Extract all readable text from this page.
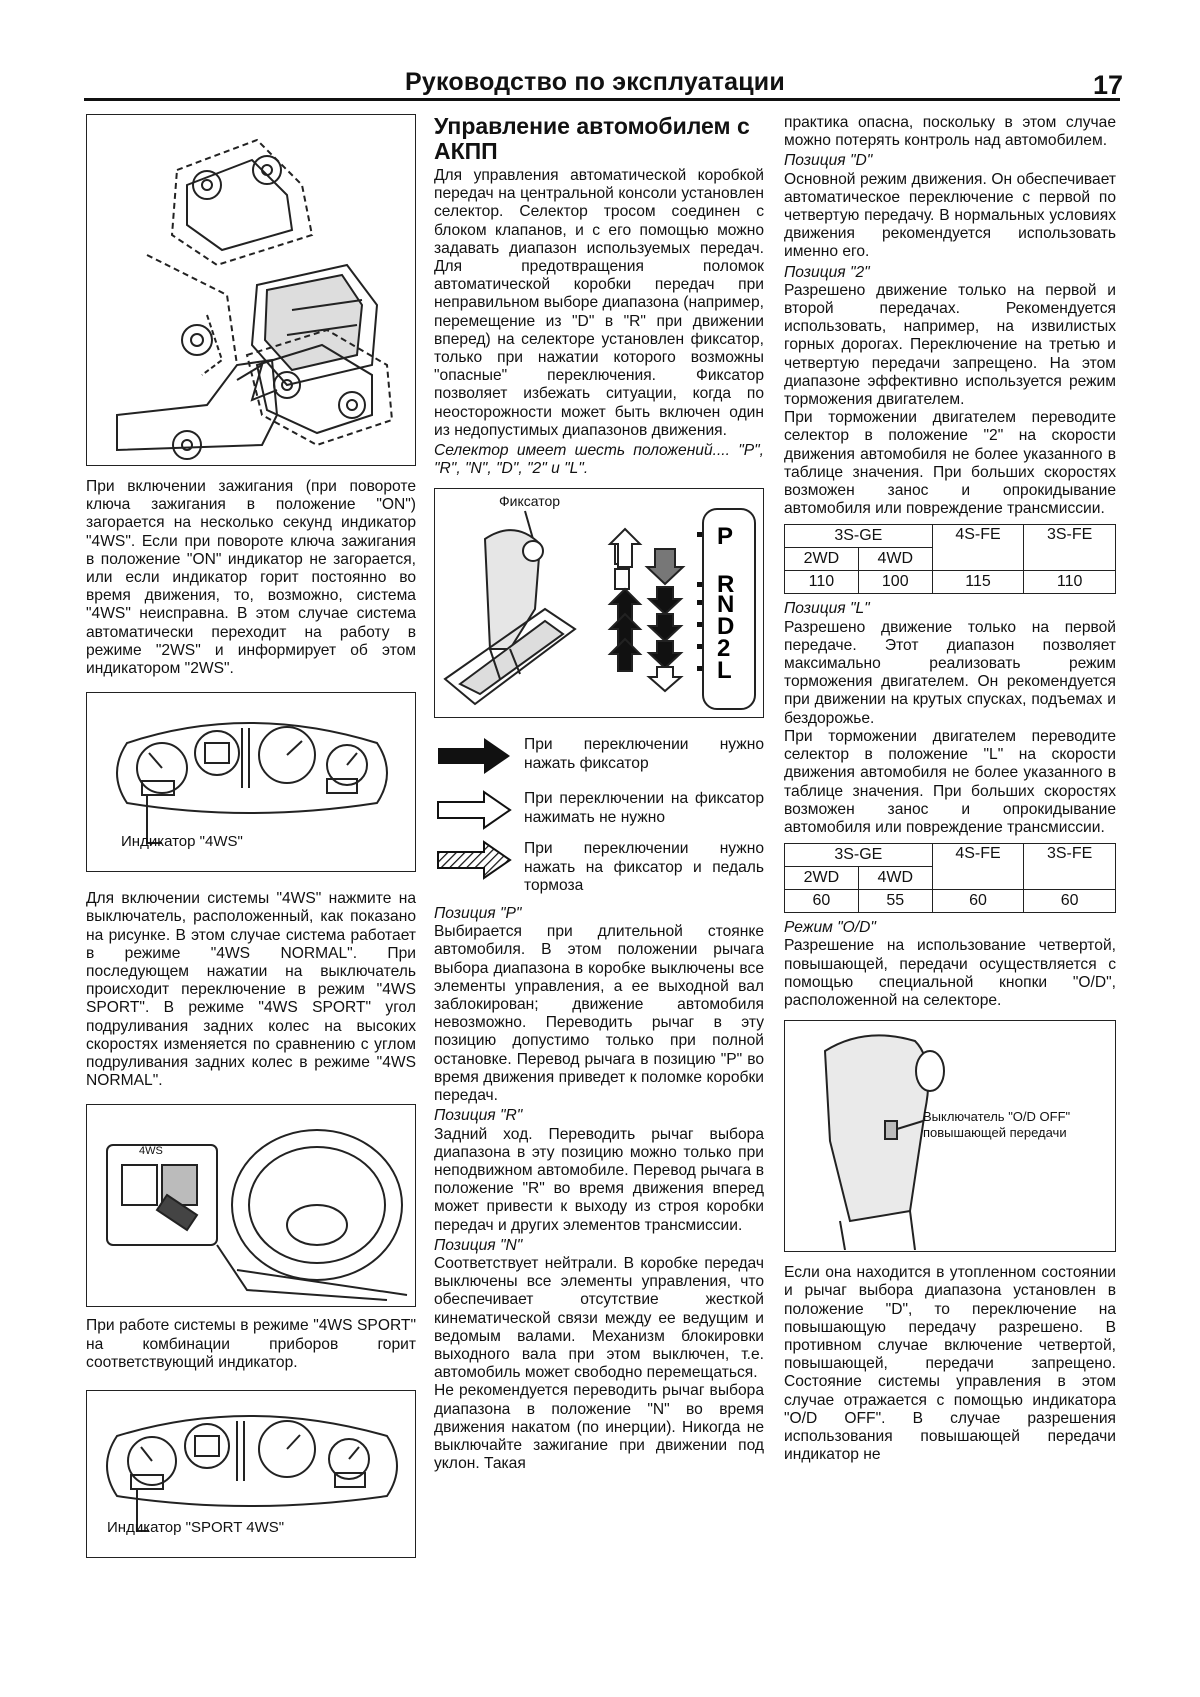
Руководство по эксплуатации	17

При включении зажигания (при повороте ключа зажигания в положение "ON") загорается на несколько секунд индикатор "4WS". Если при повороте ключа зажигания в положение "ON" индикатор не загорается, или если индикатор горит постоянно во время движения, то, возможно, система "4WS" неисправна. В этом случае система автоматически переходит на работу в режиме "2WS" и информирует об этом индикатором "2WS".

Индикатор "4WS"

Для включении системы "4WS" нажмите на выключатель, расположенный, как показано на рисунке. В этом случае система работает в режиме "4WS NORMAL". При последующем нажатии на выключатель происходит переключение в режим "4WS SPORT". В режиме "4WS SPORT" угол подруливания задних колес на высоких скоростях изменяется по сравнению с углом подруливания задних колес в режиме "4WS NORMAL".

4WS

При работе системы в режиме "4WS SPORT" на комбинации приборов горит соответствующий индикатор.

Индикатор "SPORT 4WS"
Управление автомобилем с АКПП

Для управления автоматической коробкой передач на центральной консоли установлен селектор. Селектор тросом соединен с блоком клапанов, и с его помощью можно задавать диапазон используемых передач. Для предотвращения поломок автоматической коробки передач при неправильном выборе диапазона (например, перемещение из "D" в "R" при движении вперед) на селекторе установлен фиксатор, только при нажатии которого возможны "опасные" переключения. Фиксатор позволяет избежать ситуации, когда по неосторожности может быть включен один из недопустимых диапазонов движения.

Селектор имеет шесть положений.... "P", "R", "N", "D", "2" и "L".

P
R
N
D
2
L
Фиксатор

При переключении нужно нажать фиксатор

При переключении на фиксатор нажимать не нужно

При переключении нужно нажать на фиксатор и педаль тормоза

Позиция "P"

Выбирается при длительной стоянке автомобиля. В этом положении рычага выбора диапазона в коробке выключены все элементы управления, а ее выходной вал заблокирован; движение автомобиля невозможно. Переводить рычаг в эту позицию допустимо только при полной остановке. Перевод рычага в позицию "P" во время движения приведет к поломке коробки передач.

Позиция "R"

Задний ход. Переводить рычаг выбора диапазона в эту позицию можно только при неподвижном автомобиле. Перевод рычага в положение "R" во время движения вперед может привести к выходу из строя коробки передач и других элементов трансмиссии.

Позиция "N"

Соответствует нейтрали. В коробке передач выключены все элементы управления, что обеспечивает отсутствие жесткой кинематической связи между ее ведущим и ведомым валами. Механизм блокировки выходного вала при этом выключен, т.е. автомобиль может свободно перемещаться.

Не рекомендуется переводить рычаг выбора диапазона в положение "N" во время движения накатом (по инерции). Никогда не выключайте зажигание при движении под уклон. Такая

практика опасна, поскольку в этом случае можно потерять контроль над автомобилем.

Позиция "D"

Основной режим движения. Он обеспечивает автоматическое переключение с первой по четвертую передачу. В нормальных условиях движения рекомендуется использовать именно его.

Позиция "2"

Разрешено движение только на первой и второй передачах. Рекомендуется использовать, например, на извилистых горных дорогах. Переключение на третью и четвертую передачи запрещено. На этом диапазоне эффективно используется режим торможения двигателем.

При торможении двигателем переводите селектор в положение "2" на скорости движения автомобиля не более указанного в таблице значения. При больших скоростях возможен занос и опрокидывание автомобиля или повреждение трансмиссии.

3S-GE		4S-FE	3S-FE
2WD	4WD		
110	100	115	110

Позиция "L"

Разрешено движение только на первой передаче. Этот диапазон позволяет максимально реализовать режим торможения двигателем. Он рекомендуется при движении на крутых спусках, подъемах и бездорожье.

При торможении двигателем переводите селектор в положение "L" на скорости движения автомобиля не более указанного в таблице значения. При больших скоростях возможен занос и опрокидывание автомобиля или повреждение трансмиссии.

3S-GE		4S-FE	3S-FE
2WD	4WD		
60	55	60	60

Режим "O/D"

Разрешение на использование четвертой, повышающей, передачи осуществляется с помощью специальной кнопки "O/D", расположенной на селекторе.

Выключатель "O/D OFF"
повышающей передачи

Если она находится в утопленном состоянии и рычаг выбора диапазона установлен в положение "D", то переключение на повышающую передачу разрешено. В противном случае включение четвертой, повышающей, передачи запрещено. Состояние системы управления в этом случае отражается с помощью индикатора "O/D OFF". В случае разрешения использования повышающей передачи индикатор не
